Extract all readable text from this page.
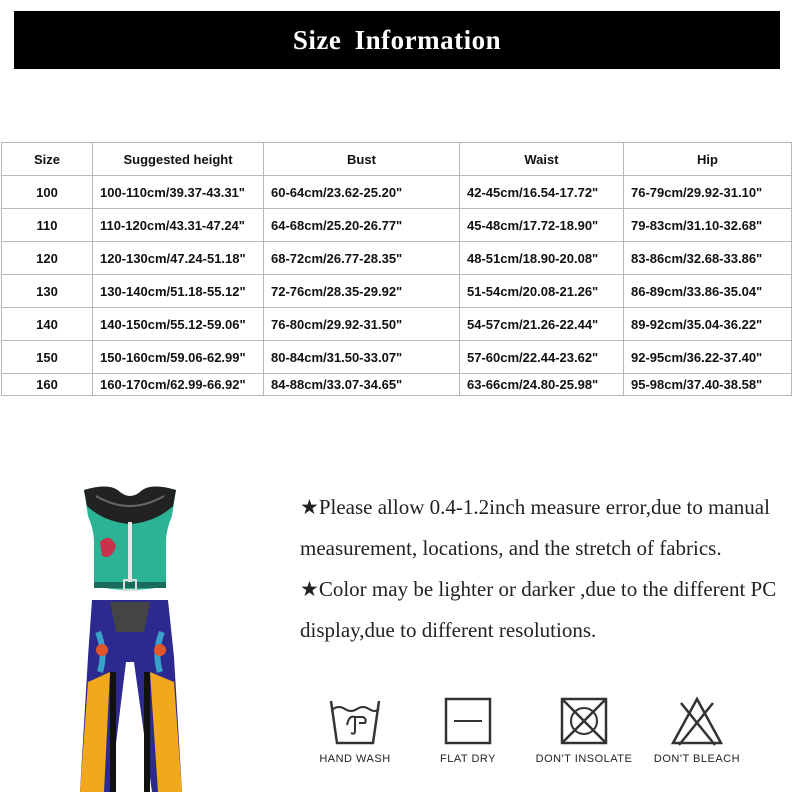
Size Information
Size	Suggested height	Bust	Waist	Hip
100	100-110cm/39.37-43.31"	60-64cm/23.62-25.20"	42-45cm/16.54-17.72"	76-79cm/29.92-31.10"
110	110-120cm/43.31-47.24"	64-68cm/25.20-26.77"	45-48cm/17.72-18.90"	79-83cm/31.10-32.68"
120	120-130cm/47.24-51.18"	68-72cm/26.77-28.35"	48-51cm/18.90-20.08"	83-86cm/32.68-33.86"
130	130-140cm/51.18-55.12"	72-76cm/28.35-29.92"	51-54cm/20.08-21.26"	86-89cm/33.86-35.04"
140	140-150cm/55.12-59.06"	76-80cm/29.92-31.50"	54-57cm/21.26-22.44"	89-92cm/35.04-36.22"
150	150-160cm/59.06-62.99"	80-84cm/31.50-33.07"	57-60cm/22.44-23.62"	92-95cm/36.22-37.40"
160	160-170cm/62.99-66.92"	84-88cm/33.07-34.65"	63-66cm/24.80-25.98"	95-98cm/37.40-38.58"

★Please allow 0.4-1.2inch measure error,due to manual measurement, locations, and the stretch of fabrics.

★Color may be lighter or darker ,due to the different PC display,due to different resolutions.

HAND WASH	FLAT DRY	DON'T INSOLATE	DON'T BLEACH
